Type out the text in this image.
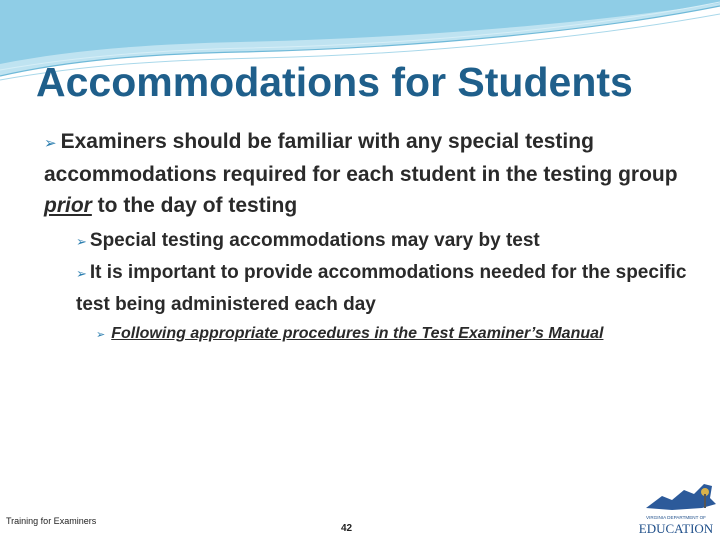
Accommodations for Students
➢ Examiners should be familiar with any special testing accommodations required for each student in the testing group prior to the day of testing
➢ Special testing accommodations may vary by test
➢ It is important to provide accommodations needed for the specific test being administered each day
➢ Following appropriate procedures in the Test Examiner’s Manual
Training for Examiners
42
VIRGINIA DEPARTMENT OF
EDUCATION
